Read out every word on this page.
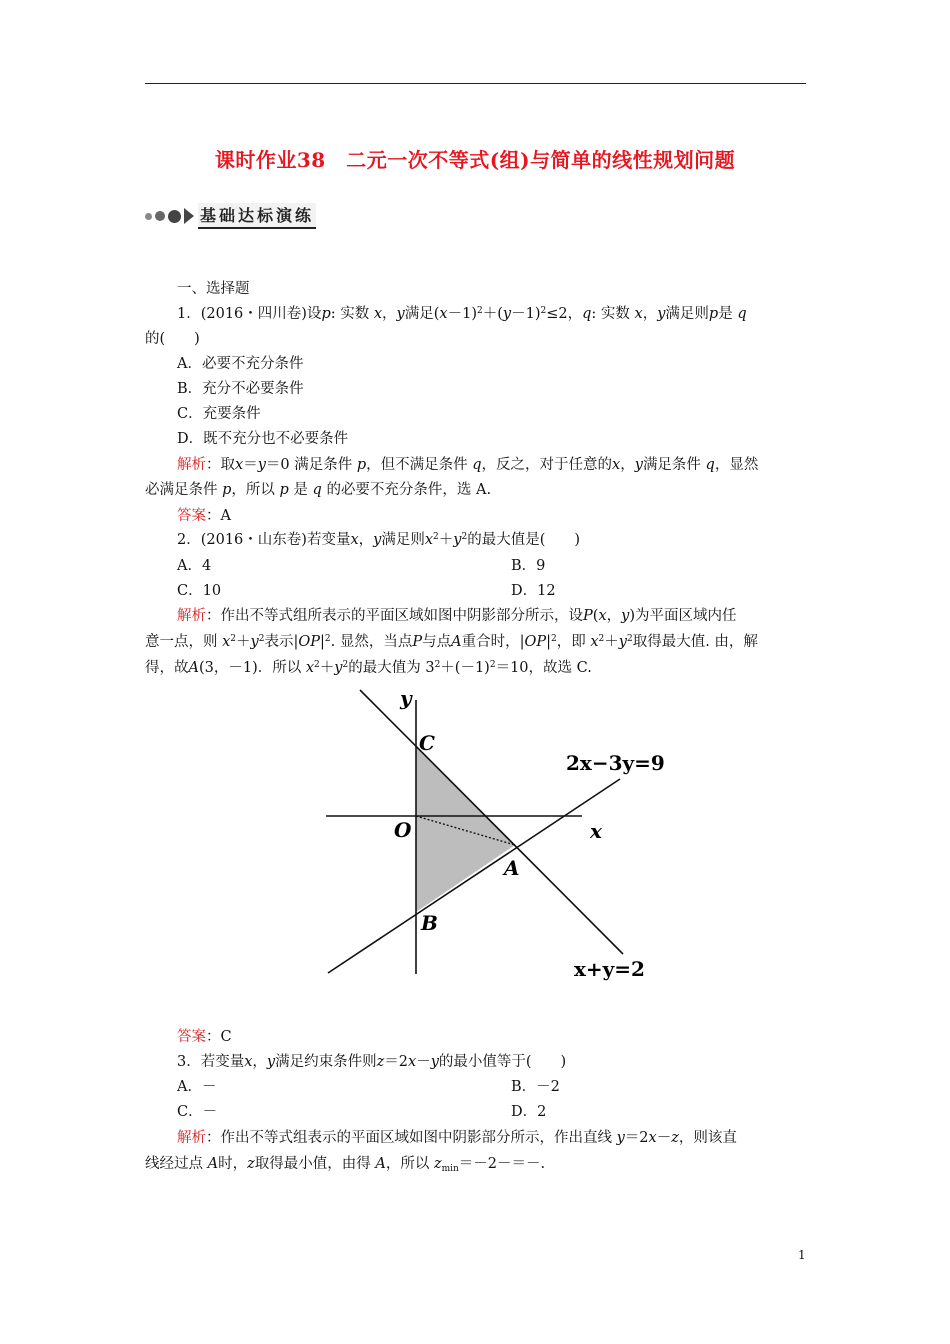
课时作业38　二元一次不等式(组)与简单的线性规划问题
基础达标演练
一、选择题
1．(2016・四川卷)设p: 实数 x，y满足$(x-1)^2+(y-1)^2\le 2$，q: 实数 x，y满足则p是 q
的(　　)
A．必要不充分条件
B．充分不必要条件
C．充要条件
D．既不充分也不必要条件
解析：取x＝y＝0 满足条件 p，但不满足条件 q，反之，对于任意的x，y满足条件 q，显然
必满足条件 p，所以 p 是 q 的必要不充分条件，选 A.
答案：A
2．(2016・山东卷)若变量x，y满足则$x^2+y^2$的最大值是(　　)
A．4	B．9
C．10	D．12
解析：作出不等式组所表示的平面区域如图中阴影部分所示，设P(x，y)为平面区域内任
意一点，则 $x^2+y^2$表示$|OP|^2$. 显然，当点P与点A重合时，$|OP|^2$，即 $x^2+y^2$取得最大值. 由，解
得，故A(3，－1)．所以 $x^2+y^2$的最大值为 $3^2+(-1)^2=10$，故选 C.
y
x
O
C
A
B
2x−3y=9
x+y=2
答案：C
3．若变量x，y满足约束条件则z＝2x－y的最小值等于(　　)
A．－	B．－2
C．－	D．2
解析：作出不等式组表示的平面区域如图中阴影部分所示，作出直线 y＝2x－z，则该直
线经过点 A时，z取得最小值，由得 A，所以 $z_{min}=-2-=-$.
1
